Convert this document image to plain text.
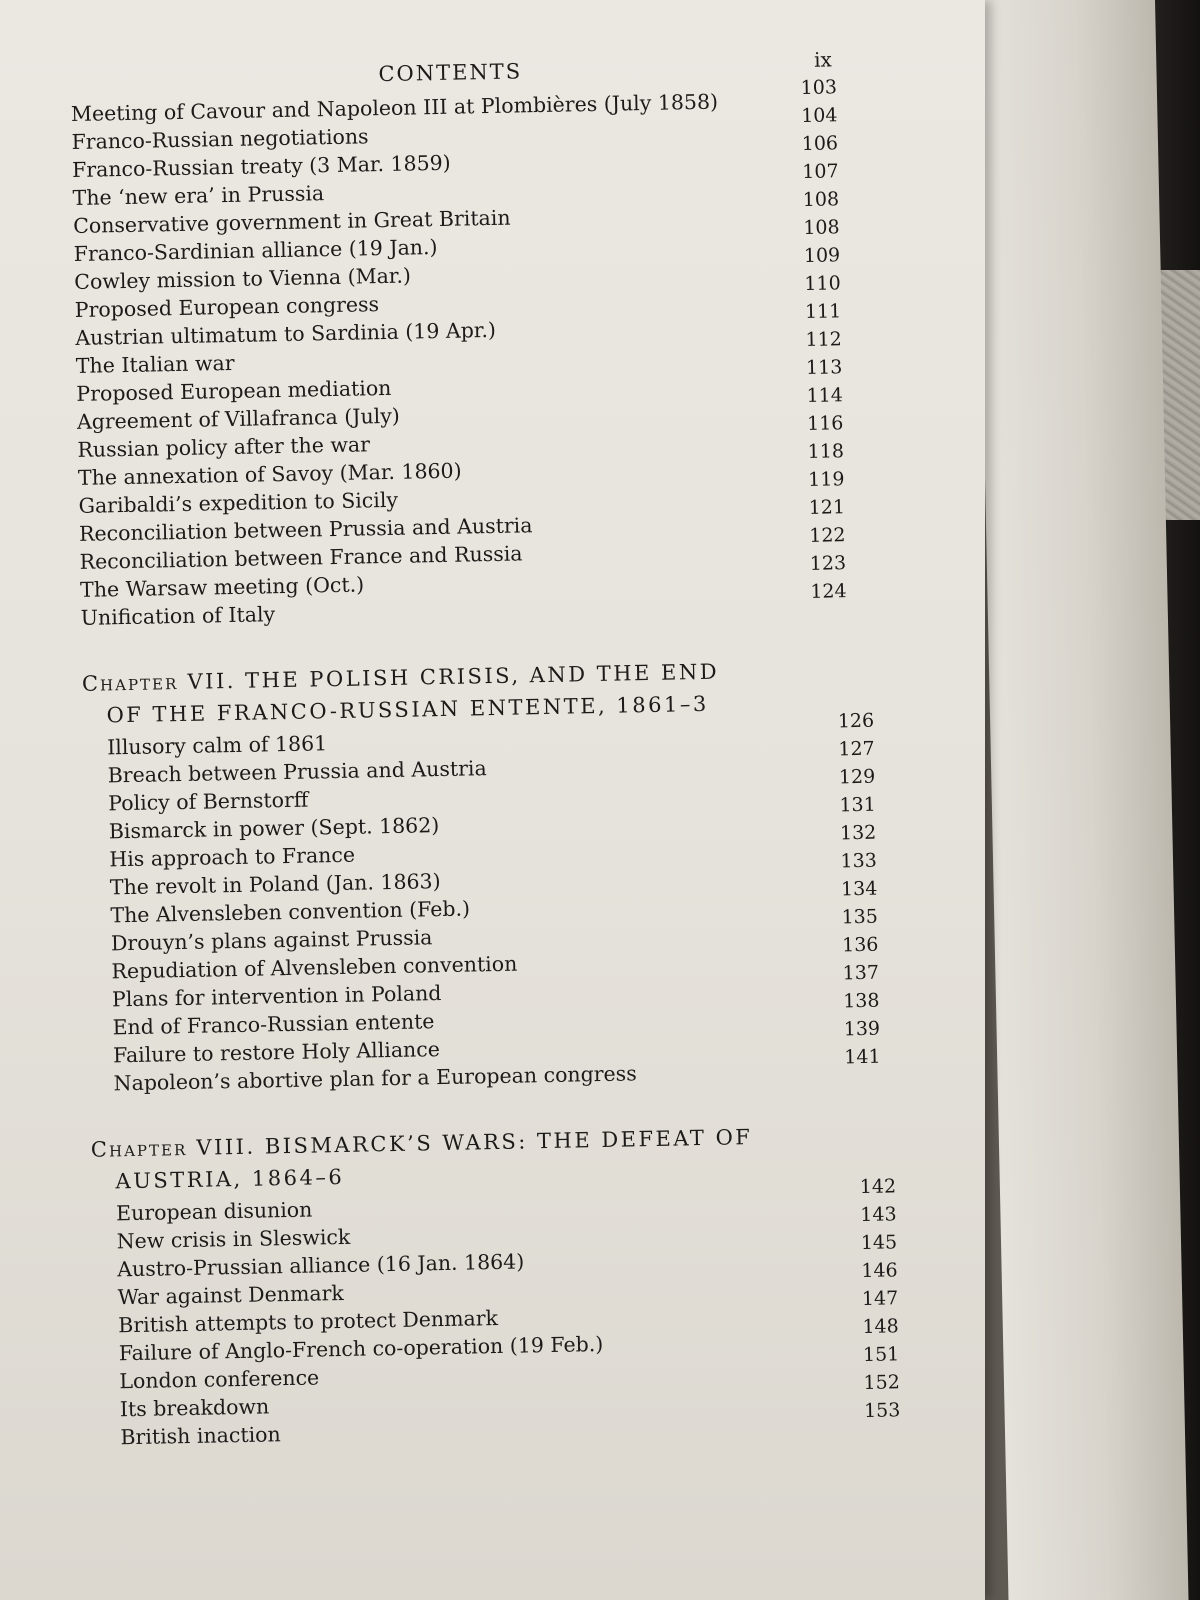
CONTENTS	ix
Meeting of Cavour and Napoleon III at Plombières (July 1858)
103
Franco-Russian negotiations
104
Franco-Russian treaty (3 Mar. 1859)
106
The ‘new era’ in Prussia
107
Conservative government in Great Britain
108
Franco-Sardinian alliance (19 Jan.)
108
Cowley mission to Vienna (Mar.)
109
Proposed European congress
110
Austrian ultimatum to Sardinia (19 Apr.)
111
The Italian war
112
Proposed European mediation
113
Agreement of Villafranca (July)
114
Russian policy after the war
116
The annexation of Savoy (Mar. 1860)
118
Garibaldi’s expedition to Sicily
119
Reconciliation between Prussia and Austria
121
Reconciliation between France and Russia
122
The Warsaw meeting (Oct.)
123
Unification of Italy
124
Chapter VII. THE POLISH CRISIS, AND THE END
OF THE FRANCO-RUSSIAN ENTENTE, 1861–3
Illusory calm of 1861
126
Breach between Prussia and Austria
127
Policy of Bernstorff
129
Bismarck in power (Sept. 1862)
131
His approach to France
132
The revolt in Poland (Jan. 1863)
133
The Alvensleben convention (Feb.)
134
Drouyn’s plans against Prussia
135
Repudiation of Alvensleben convention
136
Plans for intervention in Poland
137
End of Franco-Russian entente
138
Failure to restore Holy Alliance
139
Napoleon’s abortive plan for a European congress
141
Chapter VIII. BISMARCK’S WARS: THE DEFEAT OF
AUSTRIA, 1864–6
European disunion
142
New crisis in Sleswick
143
Austro-Prussian alliance (16 Jan. 1864)
145
War against Denmark
146
British attempts to protect Denmark
147
Failure of Anglo-French co-operation (19 Feb.)
148
London conference
151
Its breakdown
152
British inaction
153
